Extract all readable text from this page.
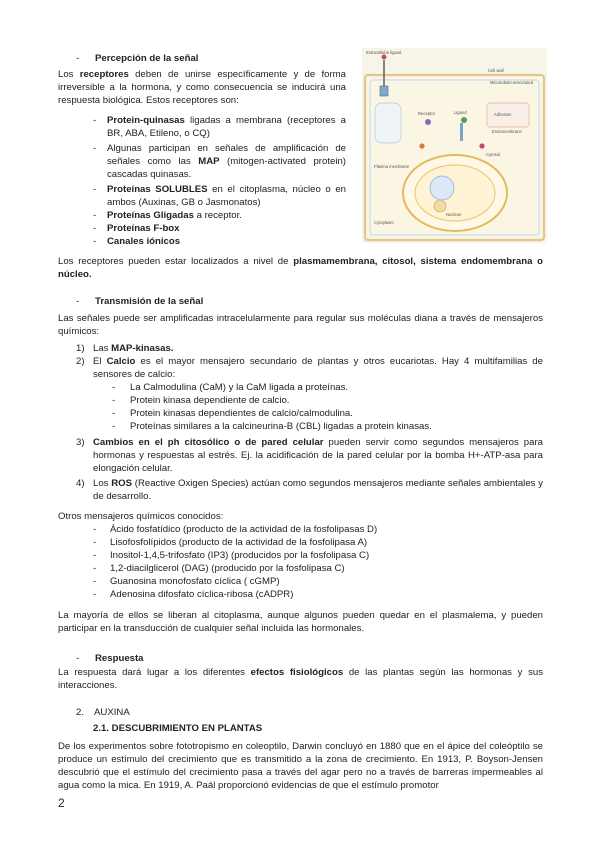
- Percepción de la señal
Los receptores deben de unirse específicamente y de forma irreversible a la hormona, y como consecuencia se inducirá una respuesta biológica. Estos receptores son:
- Protein-quinasas ligadas a membrana (receptores a BR, ABA, Etileno, o CQ)
- Algunas participan en señales de amplificación de señales como las MAP (mitogen-activated protein) cascadas quinasas.
- Proteínas SOLUBLES en el citoplasma, núcleo o en ambos (Auxinas, GB o Jasmonatos)
- Proteínas Gligadas a receptor.
- Proteínas F-box
- Canales iónicos
Extracellular ligand
Cell wall
Plasma membrane
Microtubule-associated
Adhesion
Endomembrane
Cytoplasm
Receptor	Ligand
Nucleus
Cytosol
Los receptores pueden estar localizados a nivel de plasmamembrana, citosol, sistema endomembrana o núcleo.
- Transmisión de la señal
Las señales puede ser amplificadas intracelularmente para regular sus moléculas diana a través de mensajeros químicos:
1) Las MAP-kinasas.
2) El Calcio es el mayor mensajero secundario de plantas y otros eucariotas. Hay 4 multifamilias de sensores de calcio:
- La Calmodulina (CaM) y la CaM ligada a proteínas.
- Protein kinasa dependiente de calcio.
- Protein kinasas dependientes de calcio/calmodulina.
- Proteínas similares a la calcineurina-B (CBL) ligadas a protein kinasas.
3) Cambios en el ph citosólico o de pared celular pueden servir como segundos mensajeros para hormonas y respuestas al estrés. Ej. la acidificación de la pared celular por la bomba H+-ATP-asa para elongación celular.
4) Los ROS (Reactive Oxigen Species) actúan como segundos mensajeros mediante señales ambientales y de desarrollo.
Otros mensajeros químicos conocidos:
- Ácido fosfatídico (producto de la actividad de la fosfolipasas D)
- Lisofosfolípidos (producto de la actividad de la fosfolipasa A)
- Inositol-1,4,5-trifosfato (IP3) (producidos por la fosfolipasa C)
- 1,2-diacilglicerol (DAG) (producido por la fosfolipasa C)
- Guanosina monofosfato cíclica ( cGMP)
- Adenosina difosfato cíclica-ribosa (cADPR)
La mayoría de ellos se liberan al citoplasma, aunque algunos pueden quedar en el plasmalema, y pueden participar en la transducción de cualquier señal incluida las hormonales.
- Respuesta
La respuesta dará lugar a los diferentes efectos fisiológicos de las plantas según las hormonas y sus interacciones.
2. AUXINA
2.1. DESCUBRIMIENTO EN PLANTAS
De los experimentos sobre fototropismo en coleoptilo, Darwin concluyó en 1880 que en el ápice del coleóptilo se produce un estímulo del crecimiento que es transmitido a la zona de crecimiento. En 1913, P. Boyson-Jensen descubrió que el estímulo del crecimiento pasa a través del agar pero no a través de barreras impermeables al agua como la mica. En 1919, A. Paál proporcionó evidencias de que el estímulo promotor
2
